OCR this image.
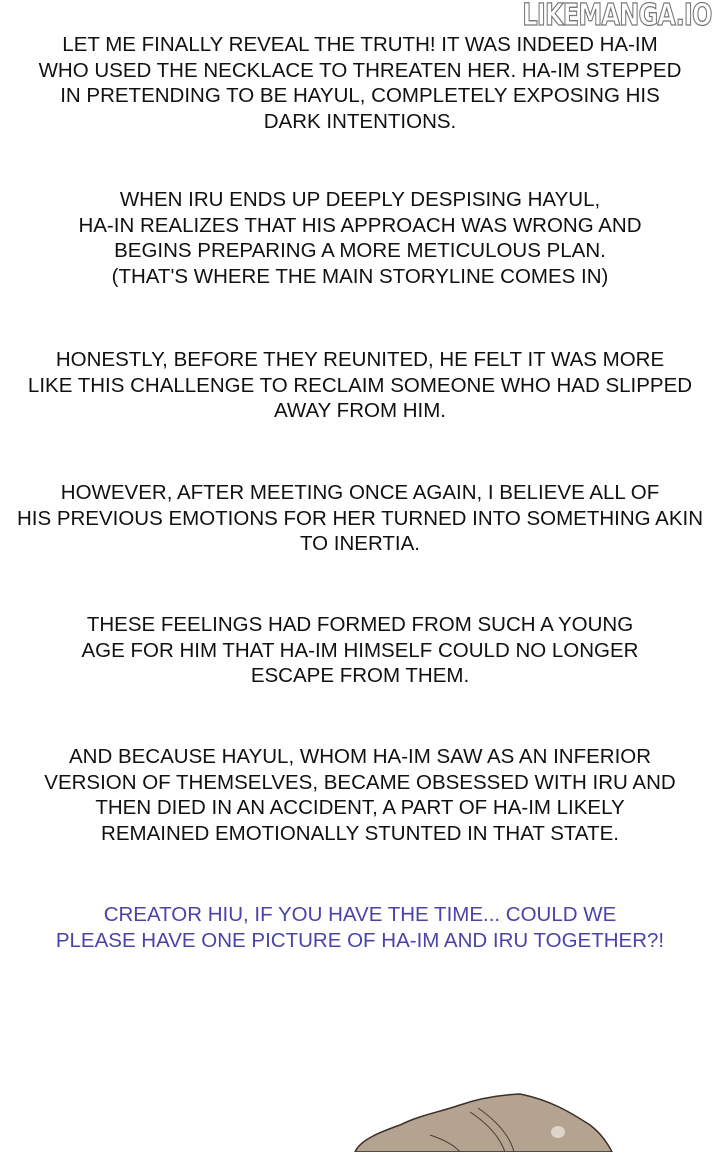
LIKEMANGA.IO
LET ME FINALLY REVEAL THE TRUTH! IT WAS INDEED HA-IM
WHO USED THE NECKLACE TO THREATEN HER. HA-IM STEPPED
IN PRETENDING TO BE HAYUL, COMPLETELY EXPOSING HIS
DARK INTENTIONS.
WHEN IRU ENDS UP DEEPLY DESPISING HAYUL,
HA-IN REALIZES THAT HIS APPROACH WAS WRONG AND
BEGINS PREPARING A MORE METICULOUS PLAN.
(THAT'S WHERE THE MAIN STORYLINE COMES IN)
HONESTLY, BEFORE THEY REUNITED, HE FELT IT WAS MORE
LIKE THIS CHALLENGE TO RECLAIM SOMEONE WHO HAD SLIPPED
AWAY FROM HIM.
HOWEVER, AFTER MEETING ONCE AGAIN, I BELIEVE ALL OF
HIS PREVIOUS EMOTIONS FOR HER TURNED INTO SOMETHING AKIN
TO INERTIA.
THESE FEELINGS HAD FORMED FROM SUCH A YOUNG
AGE FOR HIM THAT HA-IM HIMSELF COULD NO LONGER
ESCAPE FROM THEM.
AND BECAUSE HAYUL, WHOM HA-IM SAW AS AN INFERIOR
VERSION OF THEMSELVES, BECAME OBSESSED WITH IRU AND
THEN DIED IN AN ACCIDENT, A PART OF HA-IM LIKELY
REMAINED EMOTIONALLY STUNTED IN THAT STATE.
CREATOR HIU, IF YOU HAVE THE TIME... COULD WE
PLEASE HAVE ONE PICTURE OF HA-IM AND IRU TOGETHER?!
